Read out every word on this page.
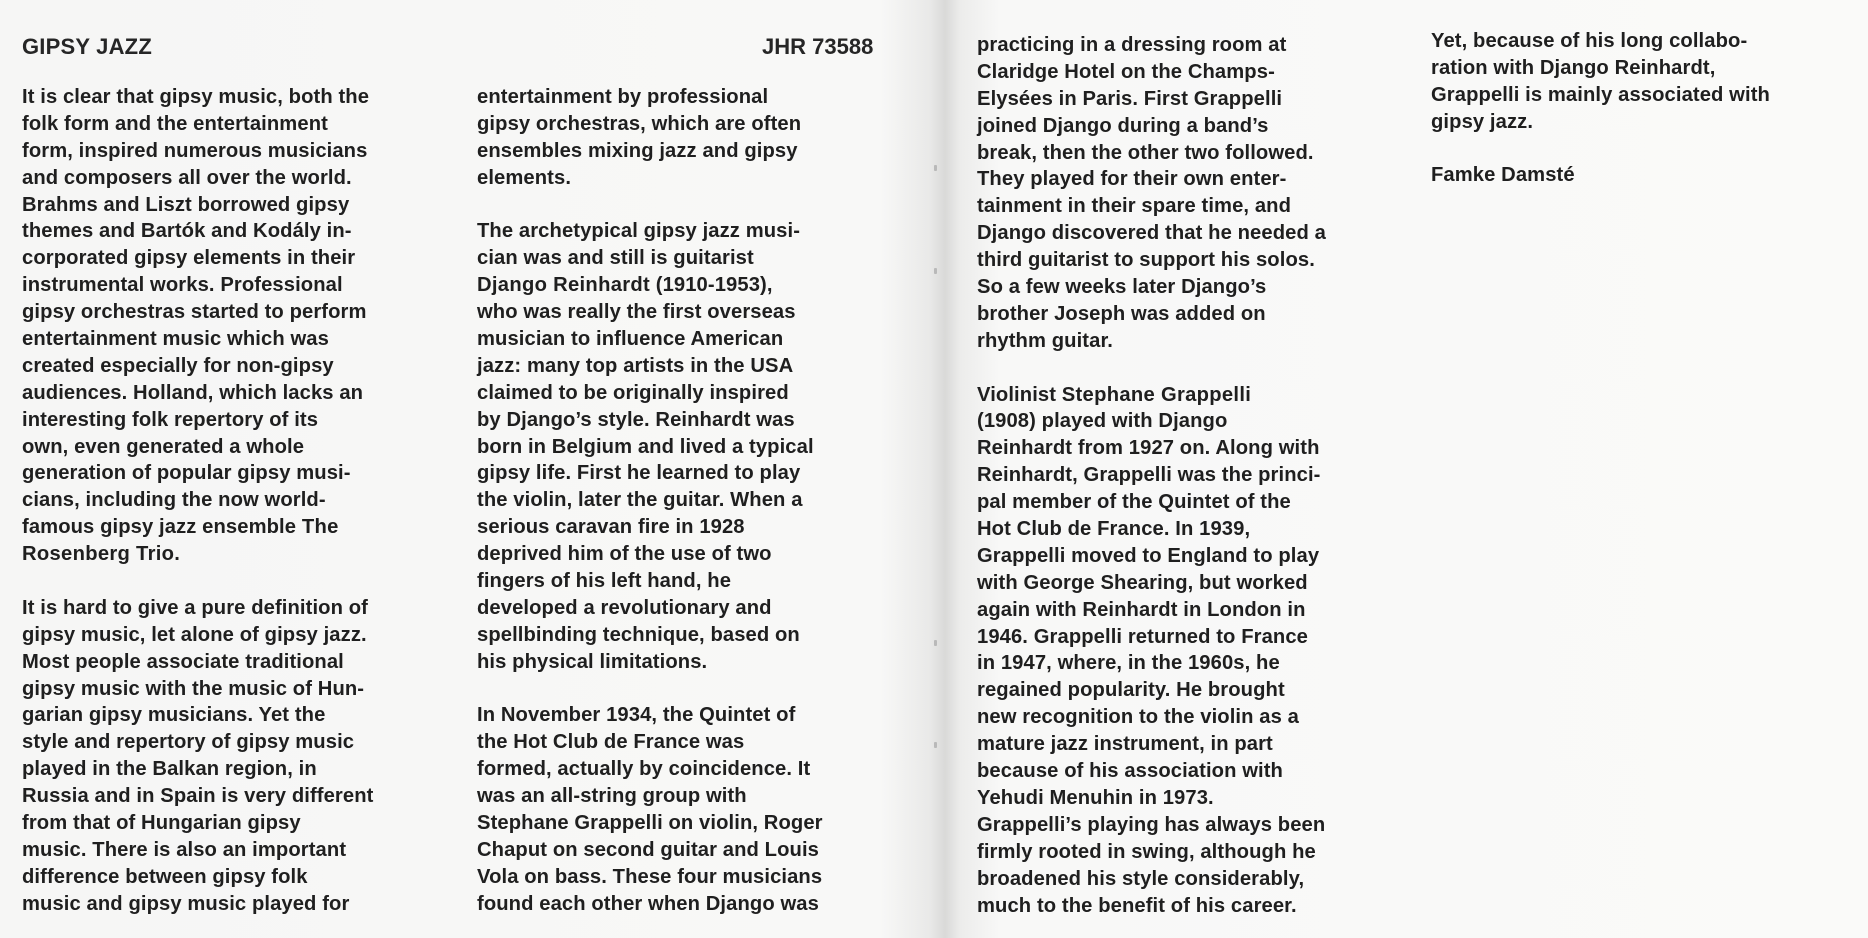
GIPSY JAZZ	JHR 73588
It is clear that gipsy music, both the
folk form and the entertainment
form, inspired numerous musicians
and composers all over the world.
Brahms and Liszt borrowed gipsy
themes and Bartók and Kodály in-
corporated gipsy elements in their
instrumental works. Professional
gipsy orchestras started to perform
entertainment music which was
created especially for non-gipsy
audiences. Holland, which lacks an
interesting folk repertory of its
own, even generated a whole
generation of popular gipsy musi-
cians, including the now world-
famous gipsy jazz ensemble The
Rosenberg Trio.

It is hard to give a pure definition of
gipsy music, let alone of gipsy jazz.
Most people associate traditional
gipsy music with the music of Hun-
garian gipsy musicians. Yet the
style and repertory of gipsy music
played in the Balkan region, in
Russia and in Spain is very different
from that of Hungarian gipsy
music. There is also an important
difference between gipsy folk
music and gipsy music played for
entertainment by professional
gipsy orchestras, which are often
ensembles mixing jazz and gipsy
elements.

The archetypical gipsy jazz musi-
cian was and still is guitarist
Django Reinhardt (1910-1953),
who was really the first overseas
musician to influence American
jazz: many top artists in the USA
claimed to be originally inspired
by Django’s style. Reinhardt was
born in Belgium and lived a typical
gipsy life. First he learned to play
the violin, later the guitar. When a
serious caravan fire in 1928
deprived him of the use of two
fingers of his left hand, he
developed a revolutionary and
spellbinding technique, based on
his physical limitations.

In November 1934, the Quintet of
the Hot Club de France was
formed, actually by coincidence. It
was an all-string group with
Stephane Grappelli on violin, Roger
Chaput on second guitar and Louis
Vola on bass. These four musicians
found each other when Django was
practicing in a dressing room at
Claridge Hotel on the Champs-
Elysées in Paris. First Grappelli
joined Django during a band’s
break, then the other two followed.
They played for their own enter-
tainment in their spare time, and
Django discovered that he needed a
third guitarist to support his solos.
So a few weeks later Django’s
brother Joseph was added on
rhythm guitar.

Violinist Stephane Grappelli
(1908) played with Django
Reinhardt from 1927 on. Along with
Reinhardt, Grappelli was the princi-
pal member of the Quintet of the
Hot Club de France. In 1939,
Grappelli moved to England to play
with George Shearing, but worked
again with Reinhardt in London in
1946. Grappelli returned to France
in 1947, where, in the 1960s, he
regained popularity. He brought
new recognition to the violin as a
mature jazz instrument, in part
because of his association with
Yehudi Menuhin in 1973.
Grappelli’s playing has always been
firmly rooted in swing, although he
broadened his style considerably,
much to the benefit of his career.
Yet, because of his long collabo-
ration with Django Reinhardt,
Grappelli is mainly associated with
gipsy jazz.

Famke Damsté
